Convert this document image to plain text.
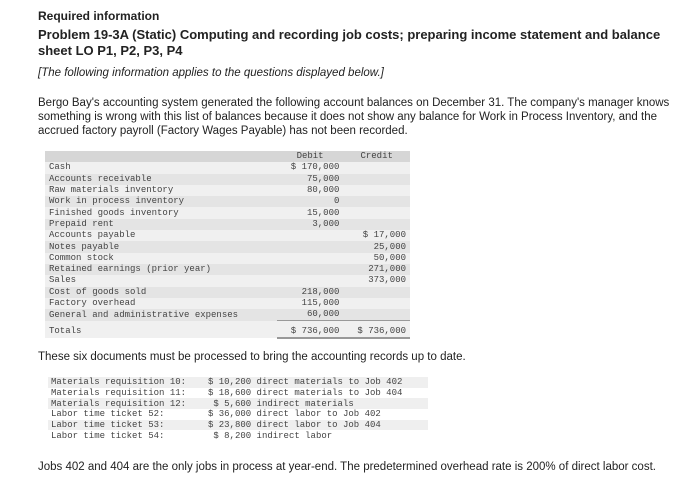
Required information
Problem 19-3A (Static) Computing and recording job costs; preparing income statement and balance sheet LO P1, P2, P3, P4
[The following information applies to the questions displayed below.]
Bergo Bay's accounting system generated the following account balances on December 31. The company's manager knows something is wrong with this list of balances because it does not show any balance for Work in Process Inventory, and the accrued factory payroll (Factory Wages Payable) has not been recorded.
	Debit	Credit
Cash	$ 170,000	
Accounts receivable	75,000	
Raw materials inventory	80,000	
Work in process inventory	0	
Finished goods inventory	15,000	
Prepaid rent	3,000	
Accounts payable		$ 17,000
Notes payable		25,000
Common stock		50,000
Retained earnings (prior year)		271,000
Sales		373,000
Cost of goods sold	218,000	
Factory overhead	115,000	
General and administrative expenses	60,000	
Totals	$ 736,000	$ 736,000
These six documents must be processed to bring the accounting records up to date.
Materials requisition 10:	$ 10,200 direct materials to Job 402
Materials requisition 11:	$ 18,600 direct materials to Job 404
Materials requisition 12:	$ 5,600 indirect materials
Labor time ticket 52:	$ 36,000 direct labor to Job 402
Labor time ticket 53:	$ 23,800 direct labor to Job 404
Labor time ticket 54:	$ 8,200 indirect labor
Jobs 402 and 404 are the only jobs in process at year-end. The predetermined overhead rate is 200% of direct labor cost.
